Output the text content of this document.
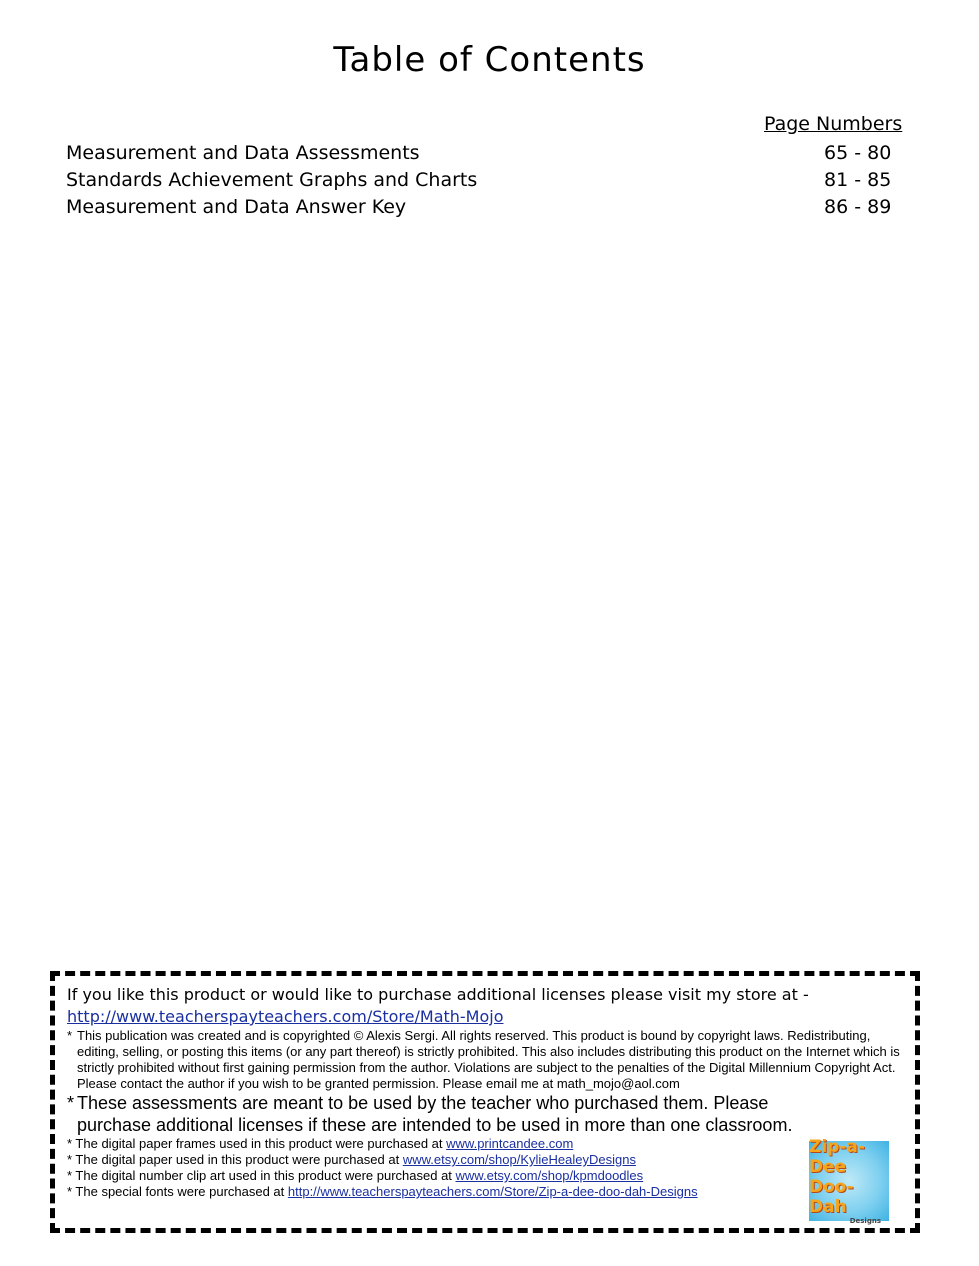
Table of Contents
Page Numbers
Measurement and Data Assessments	65 - 80
Standards Achievement Graphs and Charts	81 - 85
Measurement and Data Answer Key	86 - 89
If you like this product or would like to purchase additional licenses please visit my store at -
http://www.teacherspayteachers.com/Store/Math-Mojo
* This publication was created and is copyrighted © Alexis Sergi. All rights reserved. This product is bound by copyright laws. Redistributing, editing, selling, or posting this items (or any part thereof) is strictly prohibited. This also includes distributing this product on the Internet which is strictly prohibited without first gaining permission from the author. Violations are subject to the penalties of the Digital Millennium Copyright Act. Please contact the author if you wish to be granted permission. Please email me at math_mojo@aol.com
* These assessments are meant to be used by the teacher who purchased them. Please purchase additional licenses if these are intended to be used in more than one classroom.
* The digital paper frames used in this product were purchased at www.printcandee.com
* The digital paper used in this product were purchased at www.etsy.com/shop/KylieHealeyDesigns
* The digital number clip art used in this product were purchased at www.etsy.com/shop/kpmdoodles
* The special fonts were purchased at http://www.teacherspayteachers.com/Store/Zip-a-dee-doo-dah-Designs
Zip-a-Dee
Doo-Dah
Designs
